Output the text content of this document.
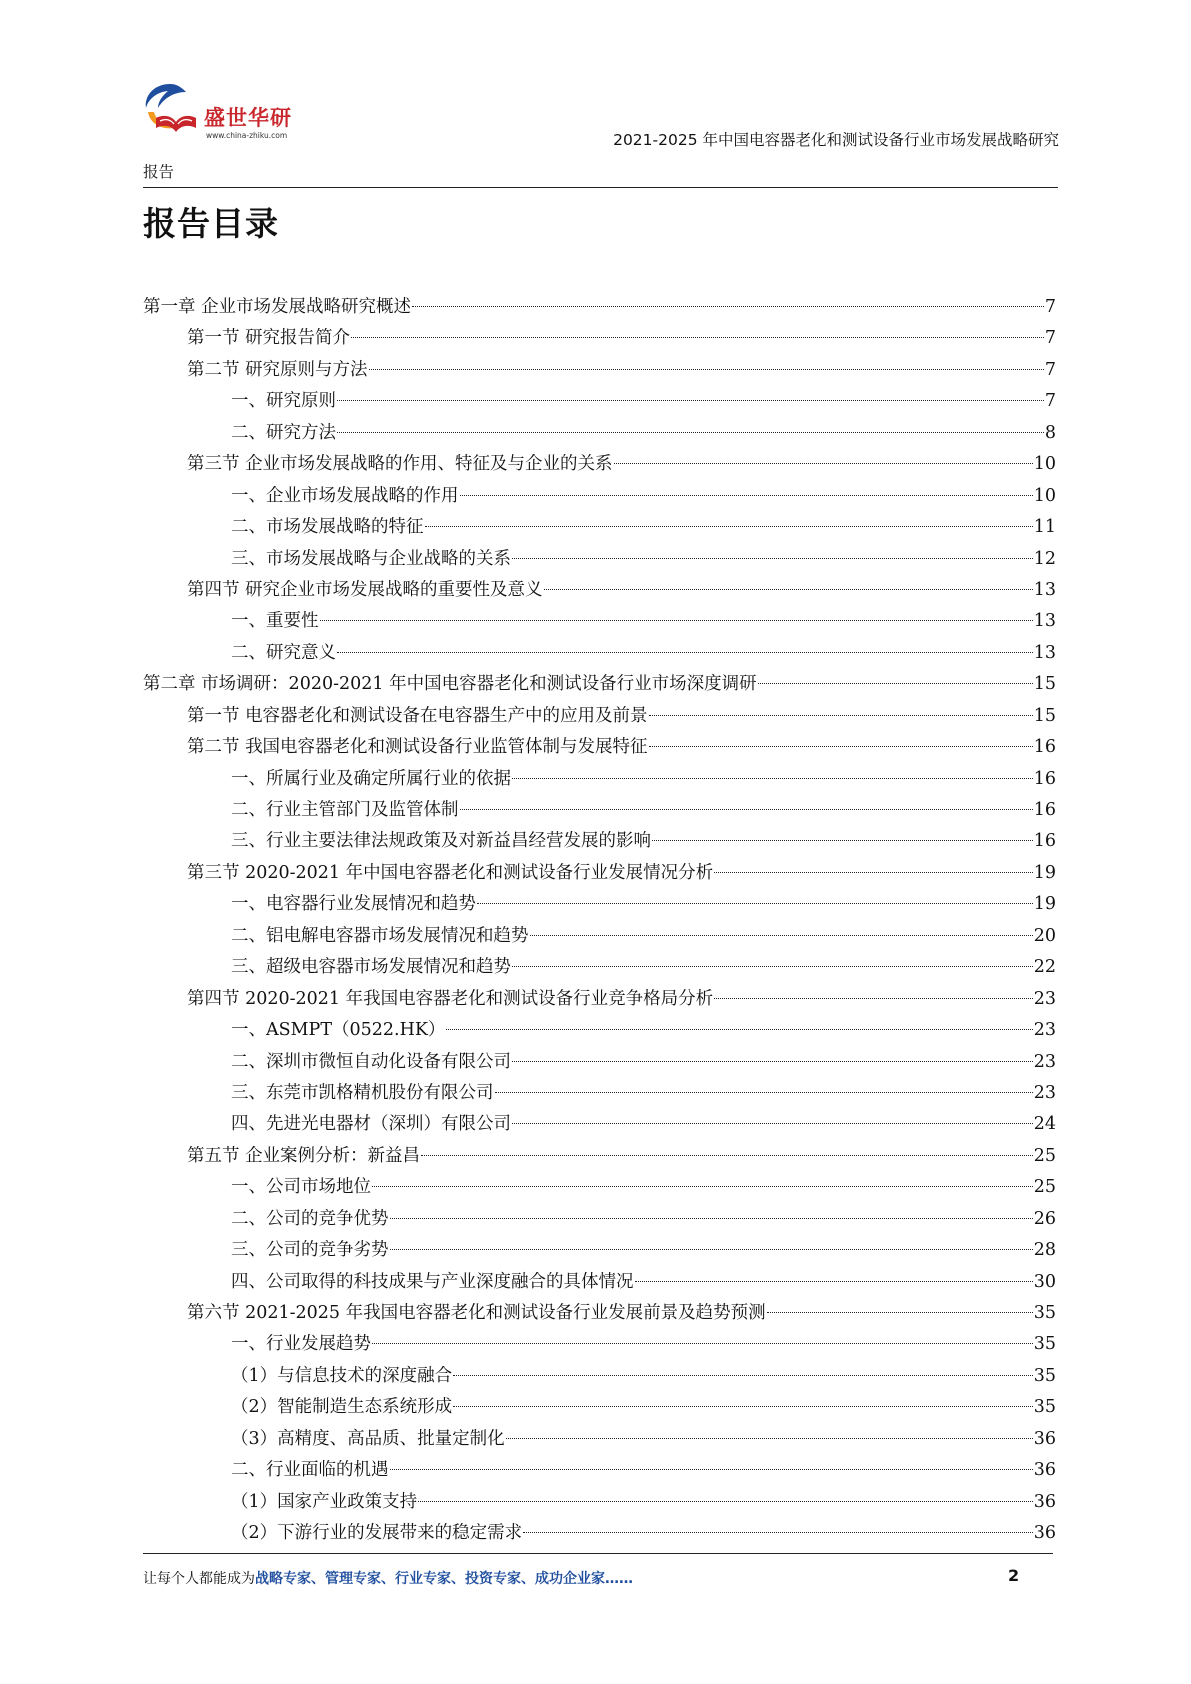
盛世华研
www.china-zhiku.com	2021-2025 年中国电容器老化和测试设备行业市场发展战略研究
报告
报告目录
第一章 企业市场发展战略研究概述	7
第一节 研究报告简介	7
第二节 研究原则与方法	7
一、研究原则	7
二、研究方法	8
第三节 企业市场发展战略的作用、特征及与企业的关系	10
一、企业市场发展战略的作用	10
二、市场发展战略的特征	11
三、市场发展战略与企业战略的关系	12
第四节 研究企业市场发展战略的重要性及意义	13
一、重要性	13
二、研究意义	13
第二章 市场调研：2020-2021 年中国电容器老化和测试设备行业市场深度调研	15
第一节 电容器老化和测试设备在电容器生产中的应用及前景	15
第二节 我国电容器老化和测试设备行业监管体制与发展特征	16
一、所属行业及确定所属行业的依据	16
二、行业主管部门及监管体制	16
三、行业主要法律法规政策及对新益昌经营发展的影响	16
第三节 2020-2021 年中国电容器老化和测试设备行业发展情况分析	19
一、电容器行业发展情况和趋势	19
二、铝电解电容器市场发展情况和趋势	20
三、超级电容器市场发展情况和趋势	22
第四节 2020-2021 年我国电容器老化和测试设备行业竞争格局分析	23
一、ASMPT（0522.HK）	23
二、深圳市微恒自动化设备有限公司	23
三、东莞市凯格精机股份有限公司	23
四、先进光电器材（深圳）有限公司	24
第五节 企业案例分析：新益昌	25
一、公司市场地位	25
二、公司的竞争优势	26
三、公司的竞争劣势	28
四、公司取得的科技成果与产业深度融合的具体情况	30
第六节 2021-2025 年我国电容器老化和测试设备行业发展前景及趋势预测	35
一、行业发展趋势	35
（1）与信息技术的深度融合	35
（2）智能制造生态系统形成	35
（3）高精度、高品质、批量定制化	36
二、行业面临的机遇	36
（1）国家产业政策支持	36
（2）下游行业的发展带来的稳定需求	36
让每个人都能成为战略专家、管理专家、行业专家、投资专家、成功企业家……	2
